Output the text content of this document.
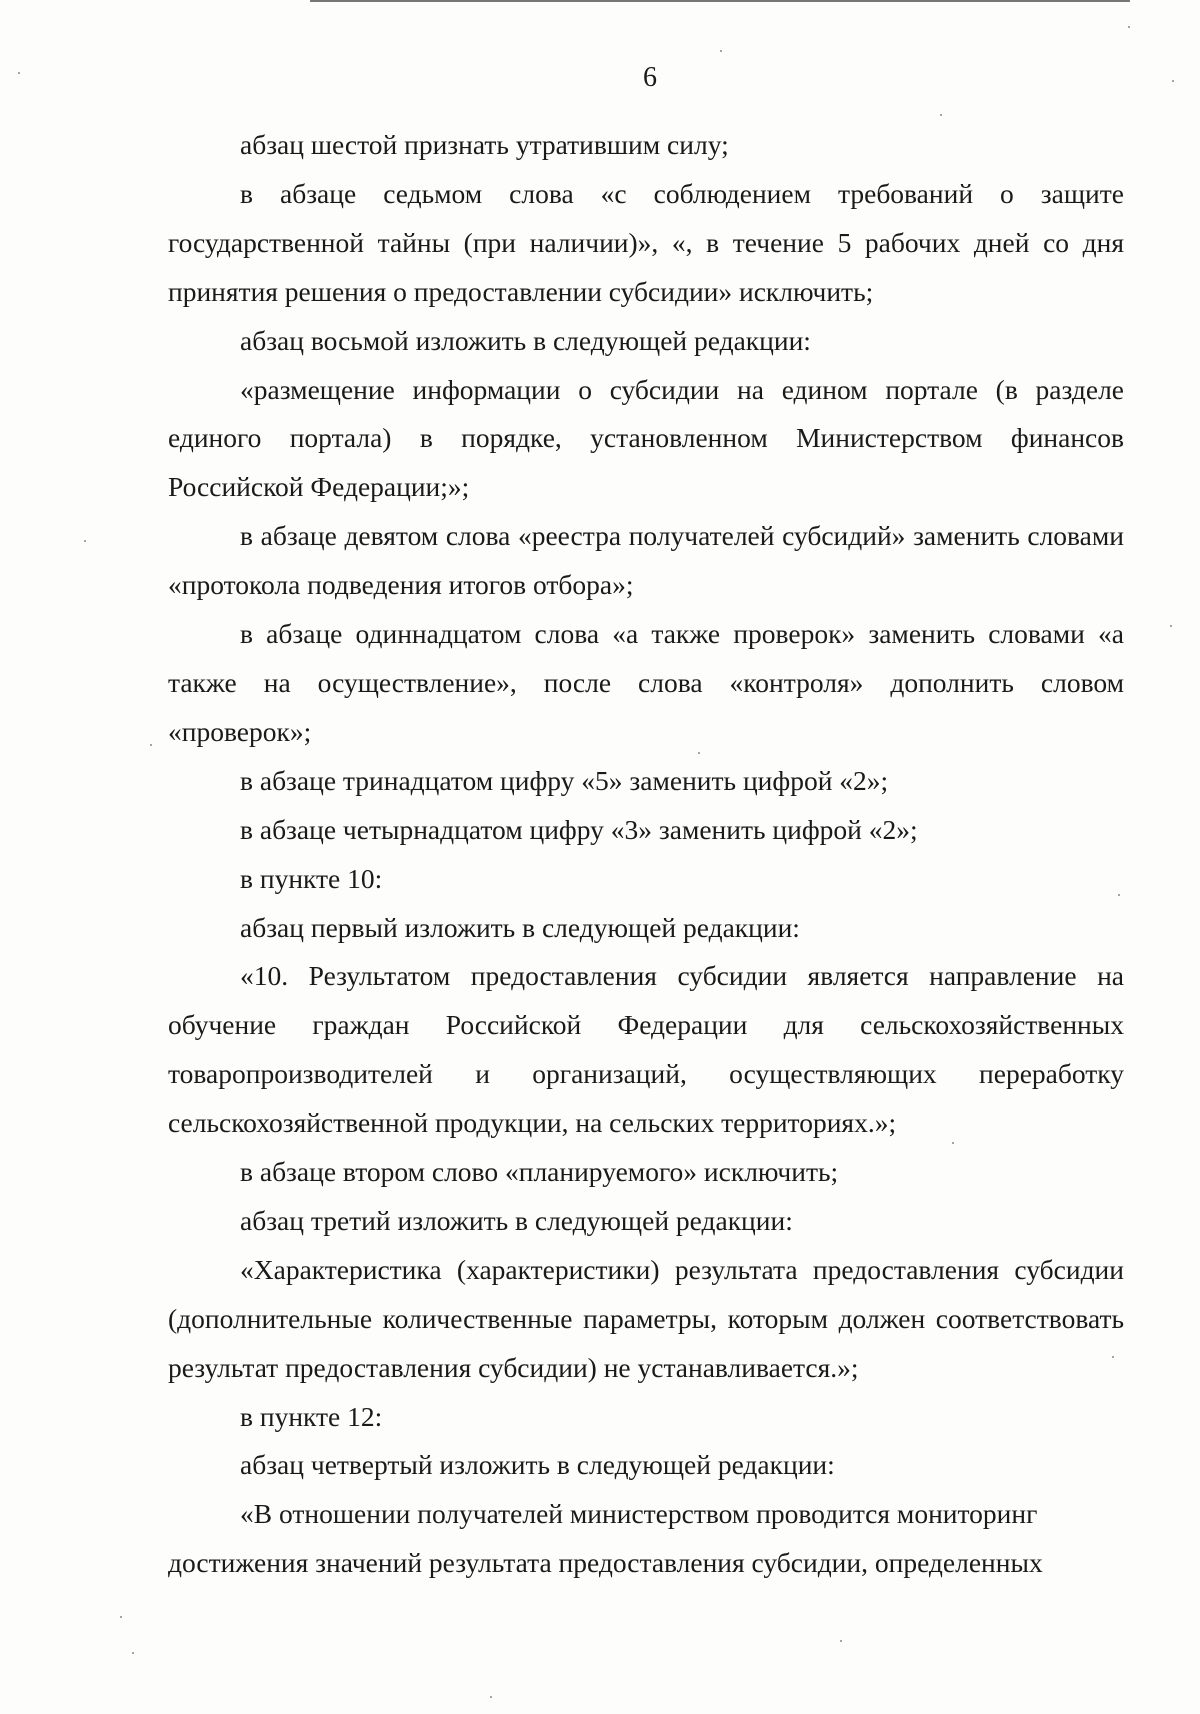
6

абзац шестой признать утратившим силу;

в абзаце седьмом слова «с соблюдением требований о защите государственной тайны (при наличии)», «, в течение 5 рабочих дней со дня принятия решения о предоставлении субсидии» исключить;

абзац восьмой изложить в следующей редакции:

«размещение информации о субсидии на едином портале (в разделе единого портала) в порядке, установленном Министерством финансов Российской Федерации;»;

в абзаце девятом слова «реестра получателей субсидий» заменить словами «протокола подведения итогов отбора»;

в абзаце одиннадцатом слова «а также проверок» заменить словами «а также на осуществление», после слова «контроля» дополнить словом «проверок»;

в абзаце тринадцатом цифру «5» заменить цифрой «2»;

в абзаце четырнадцатом цифру «3» заменить цифрой «2»;

в пункте 10:

абзац первый изложить в следующей редакции:

«10. Результатом предоставления субсидии является направление на обучение граждан Российской Федерации для сельскохозяйственных товаропроизводителей и организаций, осуществляющих переработку сельскохозяйственной продукции, на сельских территориях.»;

в абзаце втором слово «планируемого» исключить;

абзац третий изложить в следующей редакции:

«Характеристика (характеристики) результата предоставления субсидии (дополнительные количественные параметры, которым должен соответствовать результат предоставления субсидии) не устанавливается.»;

в пункте 12:

абзац четвертый изложить в следующей редакции:

«В отношении получателей министерством проводится мониторинг достижения значений результата предоставления субсидии, определенных
